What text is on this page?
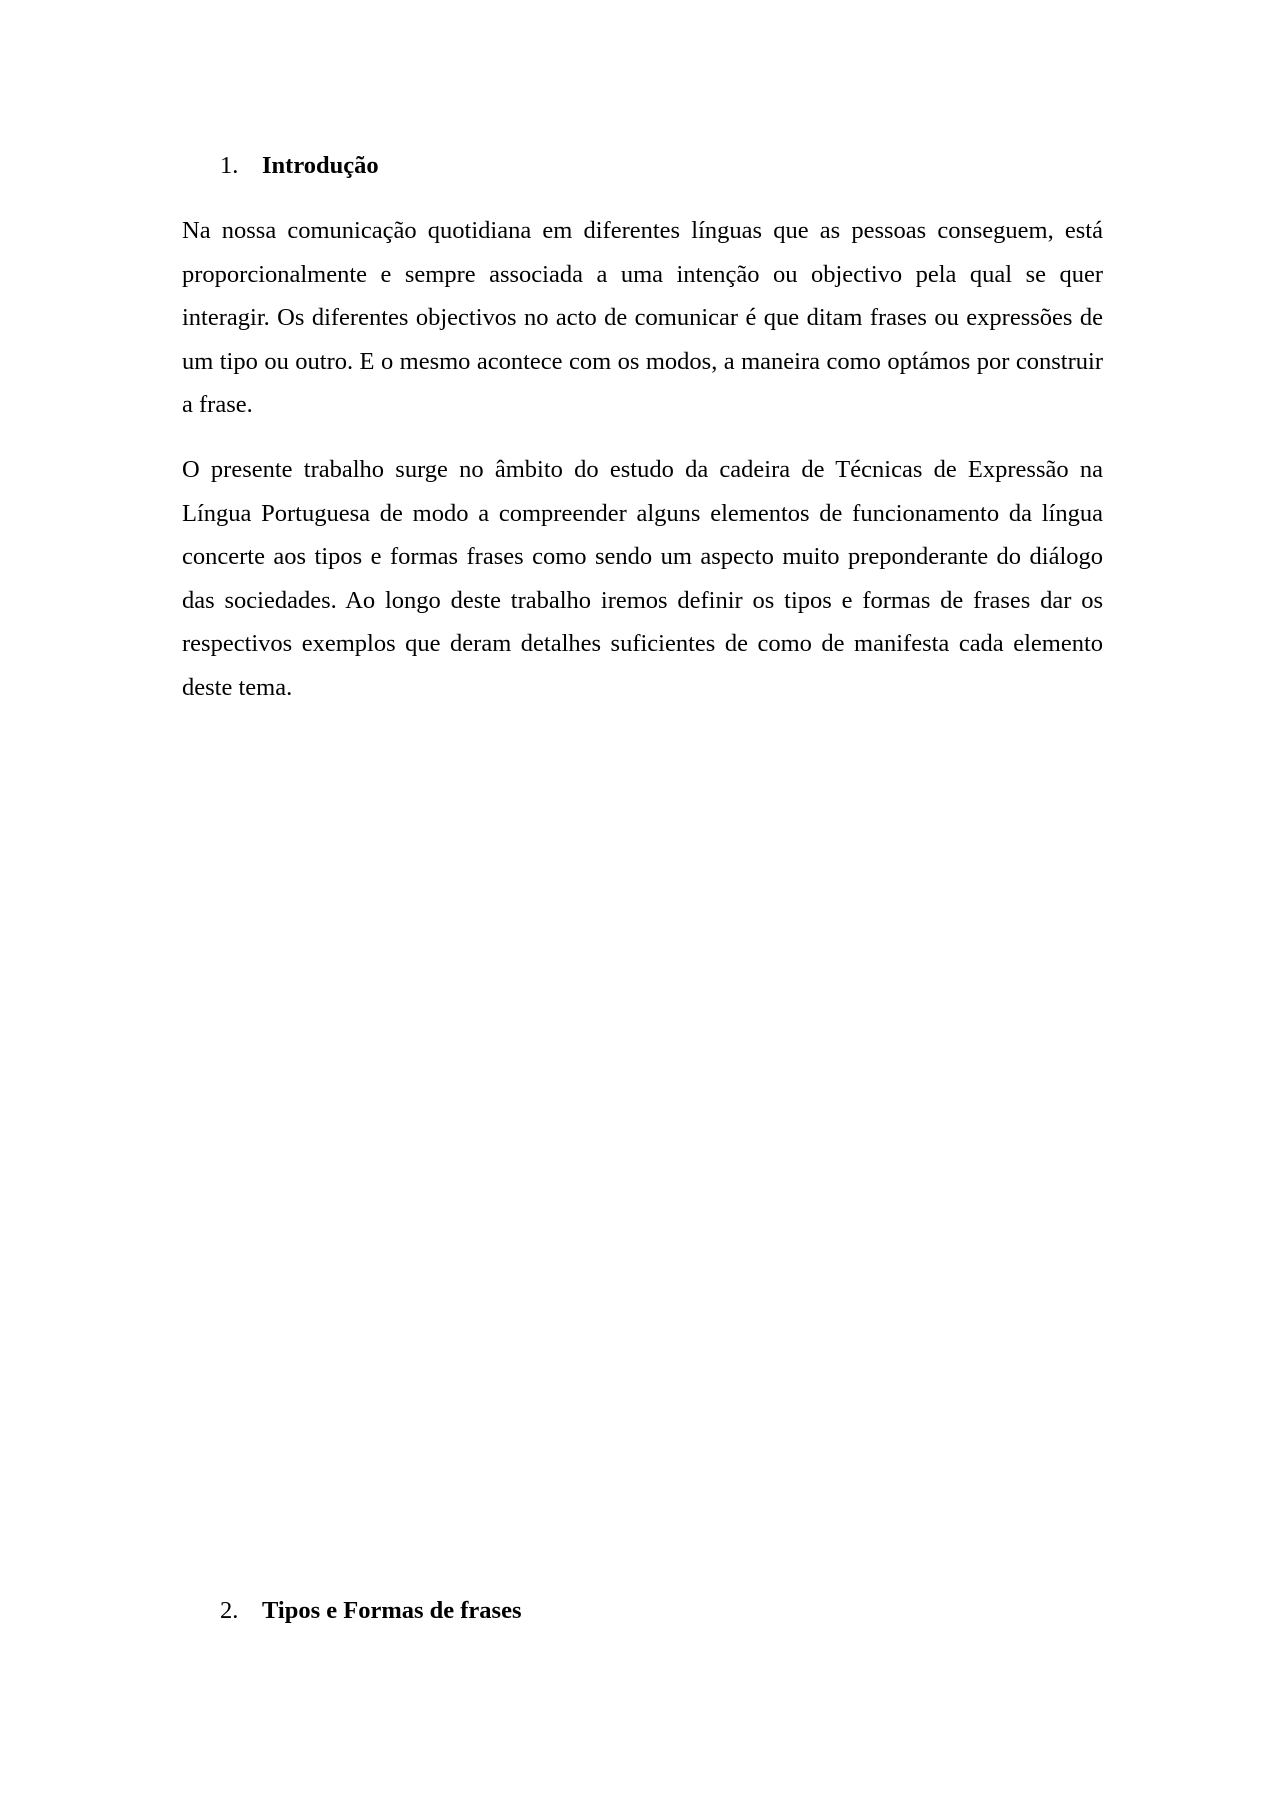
1. Introdução

Na nossa comunicação quotidiana em diferentes línguas que as pessoas conseguem, está proporcionalmente e sempre associada a uma intenção ou objectivo pela qual se quer interagir. Os diferentes objectivos no acto de comunicar é que ditam frases ou expressões de um tipo ou outro. E o mesmo acontece com os modos, a maneira como optámos por construir a frase.

O presente trabalho surge no âmbito do estudo da cadeira de Técnicas de Expressão na Língua Portuguesa de modo a compreender alguns elementos de funcionamento da língua concerte aos tipos e formas frases como sendo um aspecto muito preponderante do diálogo das sociedades. Ao longo deste trabalho iremos definir os tipos e formas de frases dar os respectivos exemplos que deram detalhes suficientes de como de manifesta cada elemento deste tema.

2. Tipos e Formas de frases
